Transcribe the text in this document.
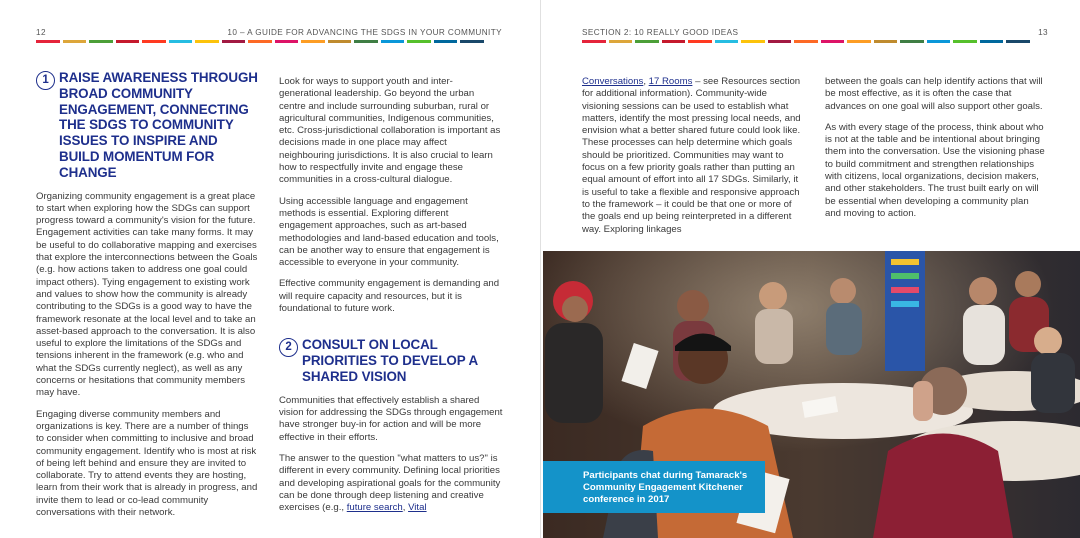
12	10 – A GUIDE FOR ADVANCING THE SDGS IN YOUR COMMUNITY
1 RAISE AWARENESS THROUGH BROAD COMMUNITY ENGAGEMENT, CONNECTING THE SDGS TO COMMUNITY ISSUES TO INSPIRE AND BUILD MOMENTUM FOR CHANGE

Organizing community engagement is a great place to start when exploring how the SDGs can support progress toward a community's vision for the future. Engagement activities can take many forms. It may be useful to do collaborative mapping and exercises that explore the interconnections between the Goals (e.g. how actions taken to address one goal could impact others). Tying engagement to existing work and values to show how the community is already contributing to the SDGs is a good way to have the framework resonate at the local level and to take an asset-based approach to the conversation. It is also useful to explore the limitations of the SDGs and tensions inherent in the framework (e.g. who and what the SDGs currently neglect), as well as any concerns or hesitations that community members may have.

Engaging diverse community members and organizations is key. There are a number of things to consider when committing to inclusive and broad community engagement. Identify who is most at risk of being left behind and ensure they are invited to collaborate. Try to attend events they are hosting, learn from their work that is already in progress, and invite them to lead or co-lead community conversations with their network.

Look for ways to support youth and inter-generational leadership. Go beyond the urban centre and include surrounding suburban, rural or agricultural communities, Indigenous communities, etc. Cross-jurisdictional collaboration is important as decisions made in one place may affect neighbouring jurisdictions. It is also crucial to learn how to respectfully invite and engage these communities in a cross-cultural dialogue.

Using accessible language and engagement methods is essential. Exploring different engagement approaches, such as art-based methodologies and land-based education and tools, can be another way to ensure that engagement is accessible to everyone in your community.

Effective community engagement is demanding and will require capacity and resources, but it is foundational to future work.

2 CONSULT ON LOCAL PRIORITIES TO DEVELOP A SHARED VISION

Communities that effectively establish a shared vision for addressing the SDGs through engagement have stronger buy-in for action and will be more effective in their efforts.

The answer to the question "what matters to us?" is different in every community. Defining local priorities and developing aspirational goals for the community can be done through deep listening and creative exercises (e.g., future search, Vital

SECTION 2: 10 REALLY GOOD IDEAS	13

Conversations, 17 Rooms – see Resources section for additional information). Community-wide visioning sessions can be used to establish what matters, identify the most pressing local needs, and envision what a better shared future could look like. These processes can help determine which goals should be prioritized. Communities may want to focus on a few priority goals rather than putting an equal amount of effort into all 17 SDGs. Similarly, it is useful to take a flexible and responsive approach to the framework – it could be that one or more of the goals end up being reinterpreted in a different way. Exploring linkages

between the goals can help identify actions that will be most effective, as it is often the case that advances on one goal will also support other goals.

As with every stage of the process, think about who is not at the table and be intentional about bringing them into the conversation. Use the visioning phase to build commitment and strengthen relationships with citizens, local organizations, decision makers, and other stakeholders. The trust built early on will be essential when developing a community plan and moving to action.

Participants chat during Tamarack's Community Engagement Kitchener conference in 2017
